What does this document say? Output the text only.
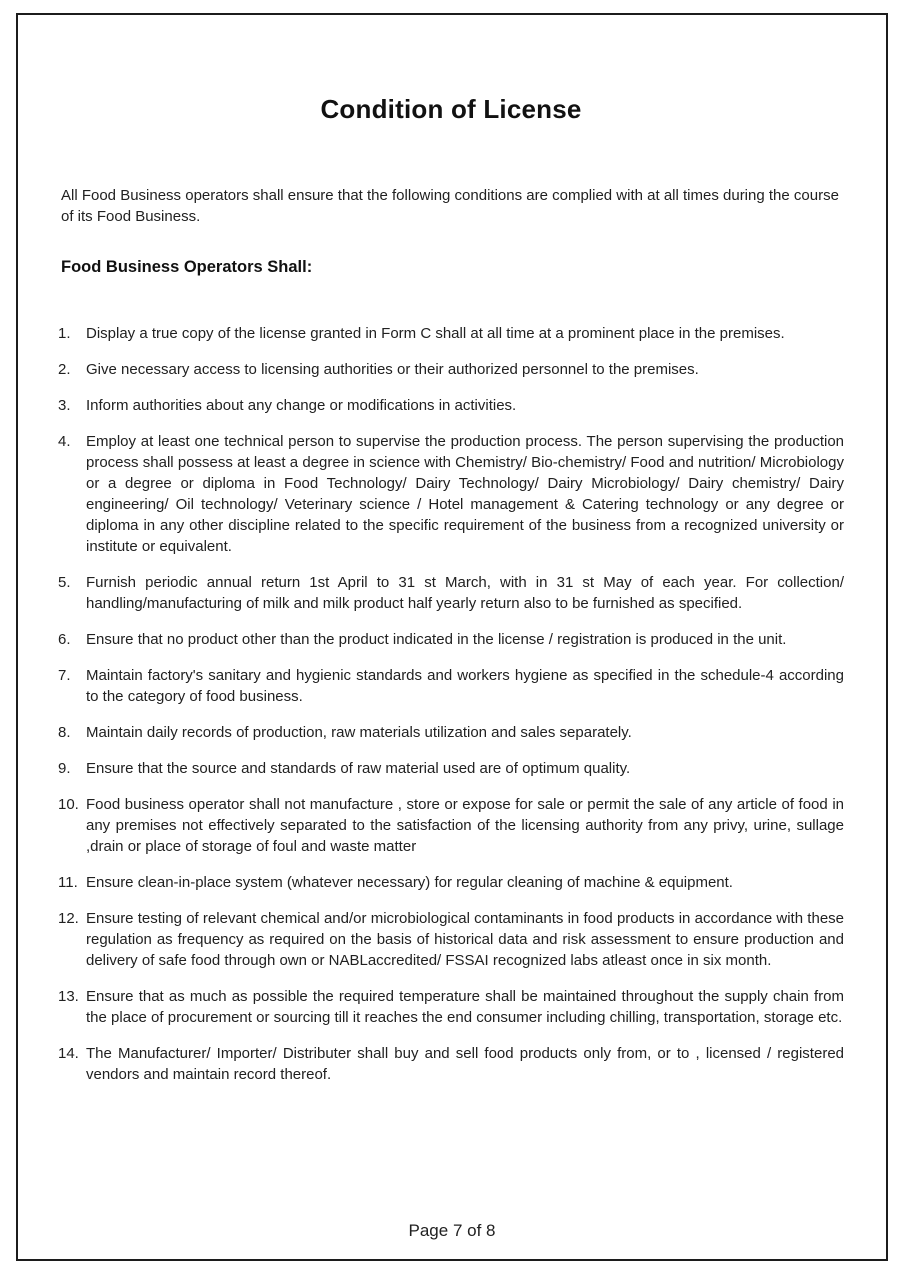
Condition of License

All Food Business operators shall ensure that the following conditions are complied with at all times during the course of its Food Business.

Food Business Operators Shall:
1.	Display a true copy of the license granted in Form C shall at all time at a prominent place in the premises.
2.	Give necessary access to licensing authorities or their authorized personnel to the premises.
3.	Inform authorities about any change or modifications in activities.
4.	Employ at least one technical person to supervise the production process. The person supervising the production process shall possess at least a degree in science with Chemistry/ Bio-chemistry/ Food and nutrition/ Microbiology or a degree or diploma in Food Technology/ Dairy Technology/ Dairy Microbiology/ Dairy chemistry/ Dairy engineering/ Oil technology/ Veterinary science / Hotel management & Catering technology or any degree or diploma in any other discipline related to the specific requirement of the business from a recognized university or institute or equivalent.
5.	Furnish periodic annual return 1st April to 31 st March, with in 31 st May of each year. For collection/ handling/manufacturing of milk and milk product half yearly return also to be furnished as specified.
6.	Ensure that no product other than the product indicated in the license / registration is produced in the unit.
7.	Maintain factory's sanitary and hygienic standards and workers hygiene as specified in the schedule-4 according to the category of food business.
8.	Maintain daily records of production, raw materials utilization and sales separately.
9.	Ensure that the source and standards of raw material used are of optimum quality.
10. Food business operator shall not manufacture , store or expose for sale or permit the sale of any article of food in any premises not effectively separated to the satisfaction of the licensing authority from any privy, urine, sullage ,drain or place of storage of foul and waste matter
11. Ensure clean-in-place system (whatever necessary) for regular cleaning of machine & equipment.
12. Ensure testing of relevant chemical and/or microbiological contaminants in food products in accordance with these regulation as frequency as required on the basis of historical data and risk assessment to ensure production and delivery of safe food through own or NABLaccredited/ FSSAI recognized labs atleast once in six month.
13. Ensure that as much as possible the required temperature shall be maintained throughout the supply chain from the place of procurement or sourcing till it reaches the end consumer including chilling, transportation, storage etc.
14. The Manufacturer/ Importer/ Distributer shall buy and sell food products only from, or to , licensed / registered vendors and maintain record thereof.
Page 7 of 8
